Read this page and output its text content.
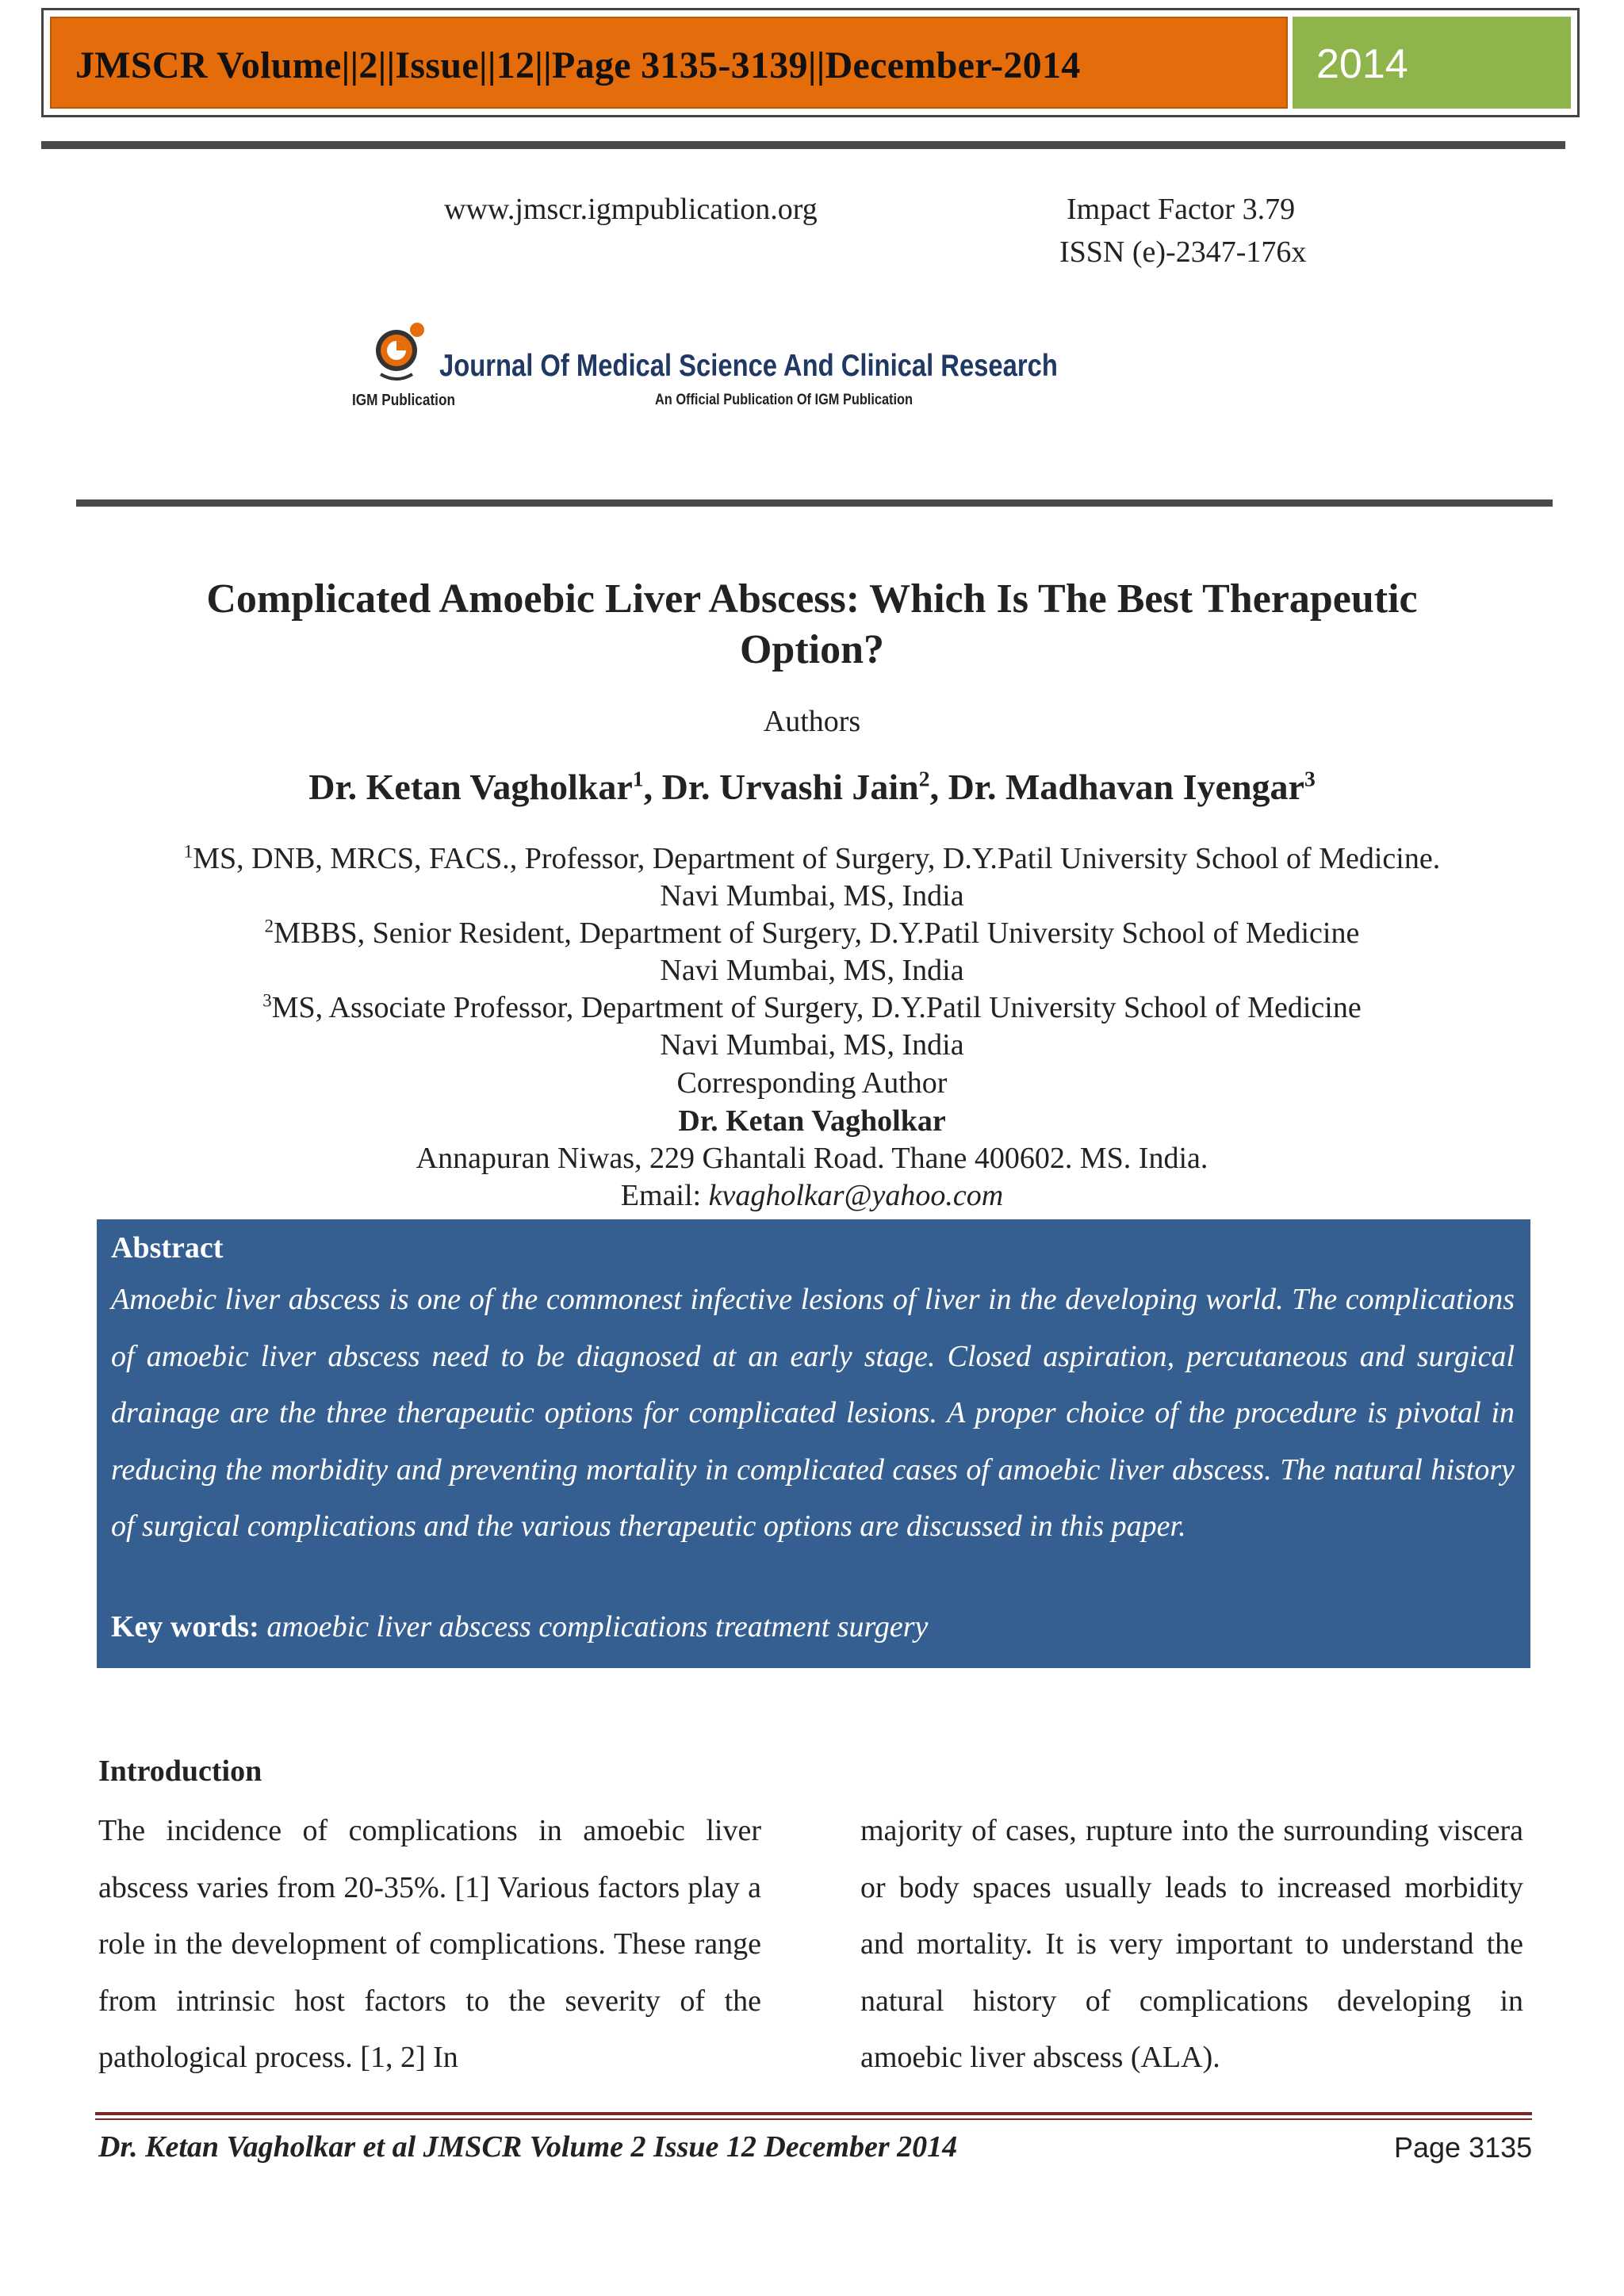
JMSCR Volume||2||Issue||12||Page 3135-3139||December-2014	2014
www.jmscr.igmpublication.org	Impact Factor 3.79
ISSN (e)-2347-176x
Journal Of Medical Science And Clinical Research
IGM Publication	An Official Publication Of IGM Publication
Complicated Amoebic Liver Abscess: Which Is The Best Therapeutic
Option?
Authors
Dr. Ketan Vagholkar$^1$, Dr. Urvashi Jain$^2$, Dr. Madhavan Iyengar$^3$
$^1$MS, DNB, MRCS, FACS., Professor, Department of Surgery, D.Y.Patil University School of Medicine.
Navi Mumbai, MS, India
$^2$MBBS, Senior Resident, Department of Surgery, D.Y.Patil University School of Medicine
Navi Mumbai, MS, India
$^3$MS, Associate Professor, Department of Surgery, D.Y.Patil University School of Medicine
Navi Mumbai, MS, India
Corresponding Author
Dr. Ketan Vagholkar
Annapuran Niwas, 229 Ghantali Road. Thane 400602. MS. India.
Email: kvagholkar@yahoo.com
Abstract
Amoebic liver abscess is one of the commonest infective lesions of liver in the developing world. The complications of amoebic liver abscess need to be diagnosed at an early stage. Closed aspiration, percutaneous and surgical drainage are the three therapeutic options for complicated lesions. A proper choice of the procedure is pivotal in reducing the morbidity and preventing mortality in complicated cases of amoebic liver abscess. The natural history of surgical complications and the various therapeutic options are discussed in this paper.
Key words: amoebic liver abscess complications treatment surgery
Introduction
The incidence of complications in amoebic liver abscess varies from 20-35%. [1] Various factors play a role in the development of complications. These range from intrinsic host factors to the severity of the pathological process. [1, 2] In
majority of cases, rupture into the surrounding viscera or body spaces usually leads to increased morbidity and mortality. It is very important to understand the natural history of complications developing in amoebic liver abscess (ALA).
Dr. Ketan Vagholkar et al JMSCR Volume 2 Issue 12 December 2014	Page 3135
